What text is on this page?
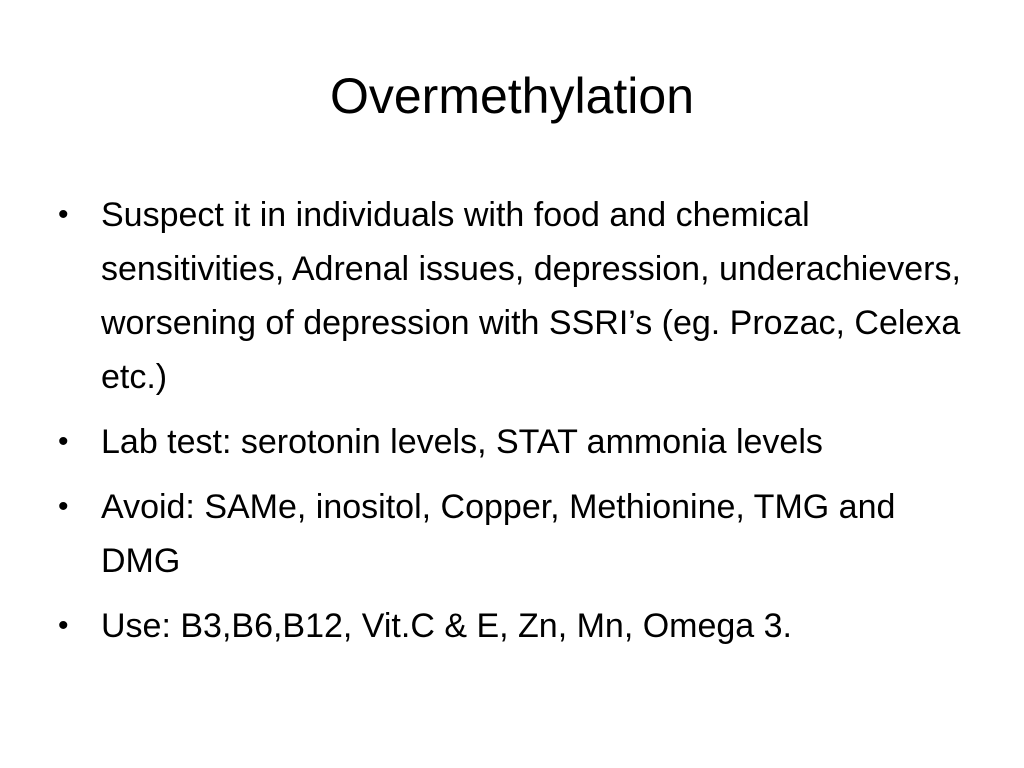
Overmethylation
• Suspect it in individuals with food and chemical sensitivities, Adrenal issues, depression, underachievers, worsening of depression with SSRI’s (eg. Prozac, Celexa etc.)
• Lab test: serotonin levels, STAT ammonia levels
• Avoid: SAMe, inositol, Copper, Methionine, TMG and DMG
• Use: B3,B6,B12, Vit.C & E, Zn, Mn, Omega 3.
